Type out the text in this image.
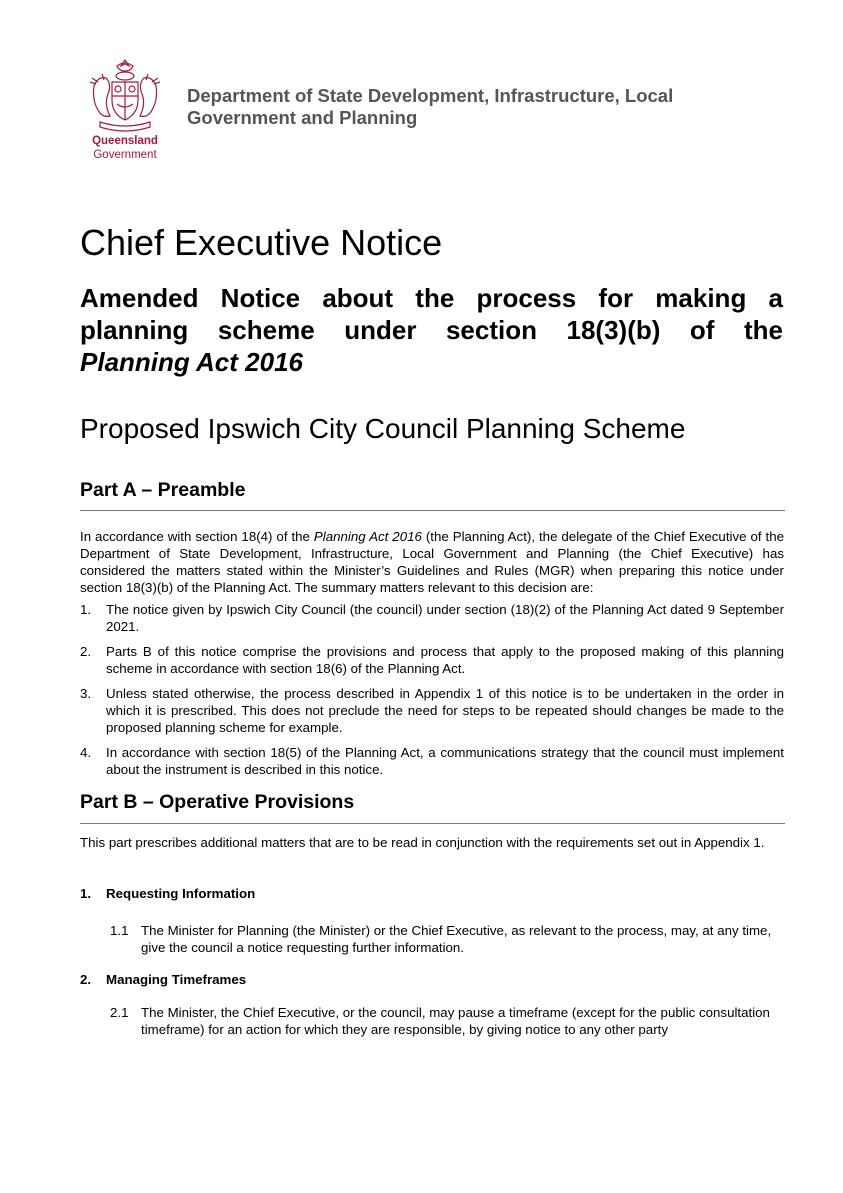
Queensland
Government
Department of State Development, Infrastructure, Local
Government and Planning
Chief Executive Notice
Amended Notice about the process for making a
planning scheme under section 18(3)(b) of the
Planning Act 2016
Proposed Ipswich City Council Planning Scheme
Part A – Preamble
In accordance with section 18(4) of the Planning Act 2016 (the Planning Act), the delegate of the Chief Executive of the Department of State Development, Infrastructure, Local Government and Planning (the Chief Executive) has considered the matters stated within the Minister’s Guidelines and Rules (MGR) when preparing this notice under section 18(3)(b) of the Planning Act. The summary matters relevant to this decision are:
1. The notice given by Ipswich City Council (the council) under section (18)(2) of the Planning Act dated 9 September 2021.
2. Parts B of this notice comprise the provisions and process that apply to the proposed making of this planning scheme in accordance with section 18(6) of the Planning Act.
3. Unless stated otherwise, the process described in Appendix 1 of this notice is to be undertaken in the order in which it is prescribed. This does not preclude the need for steps to be repeated should changes be made to the proposed planning scheme for example.
4. In accordance with section 18(5) of the Planning Act, a communications strategy that the council must implement about the instrument is described in this notice.
Part B – Operative Provisions
This part prescribes additional matters that are to be read in conjunction with the requirements set out in Appendix 1.
1. Requesting Information
1.1 The Minister for Planning (the Minister) or the Chief Executive, as relevant to the process, may, at any time, give the council a notice requesting further information.
2. Managing Timeframes
2.1 The Minister, the Chief Executive, or the council, may pause a timeframe (except for the public consultation timeframe) for an action for which they are responsible, by giving notice to any other party
